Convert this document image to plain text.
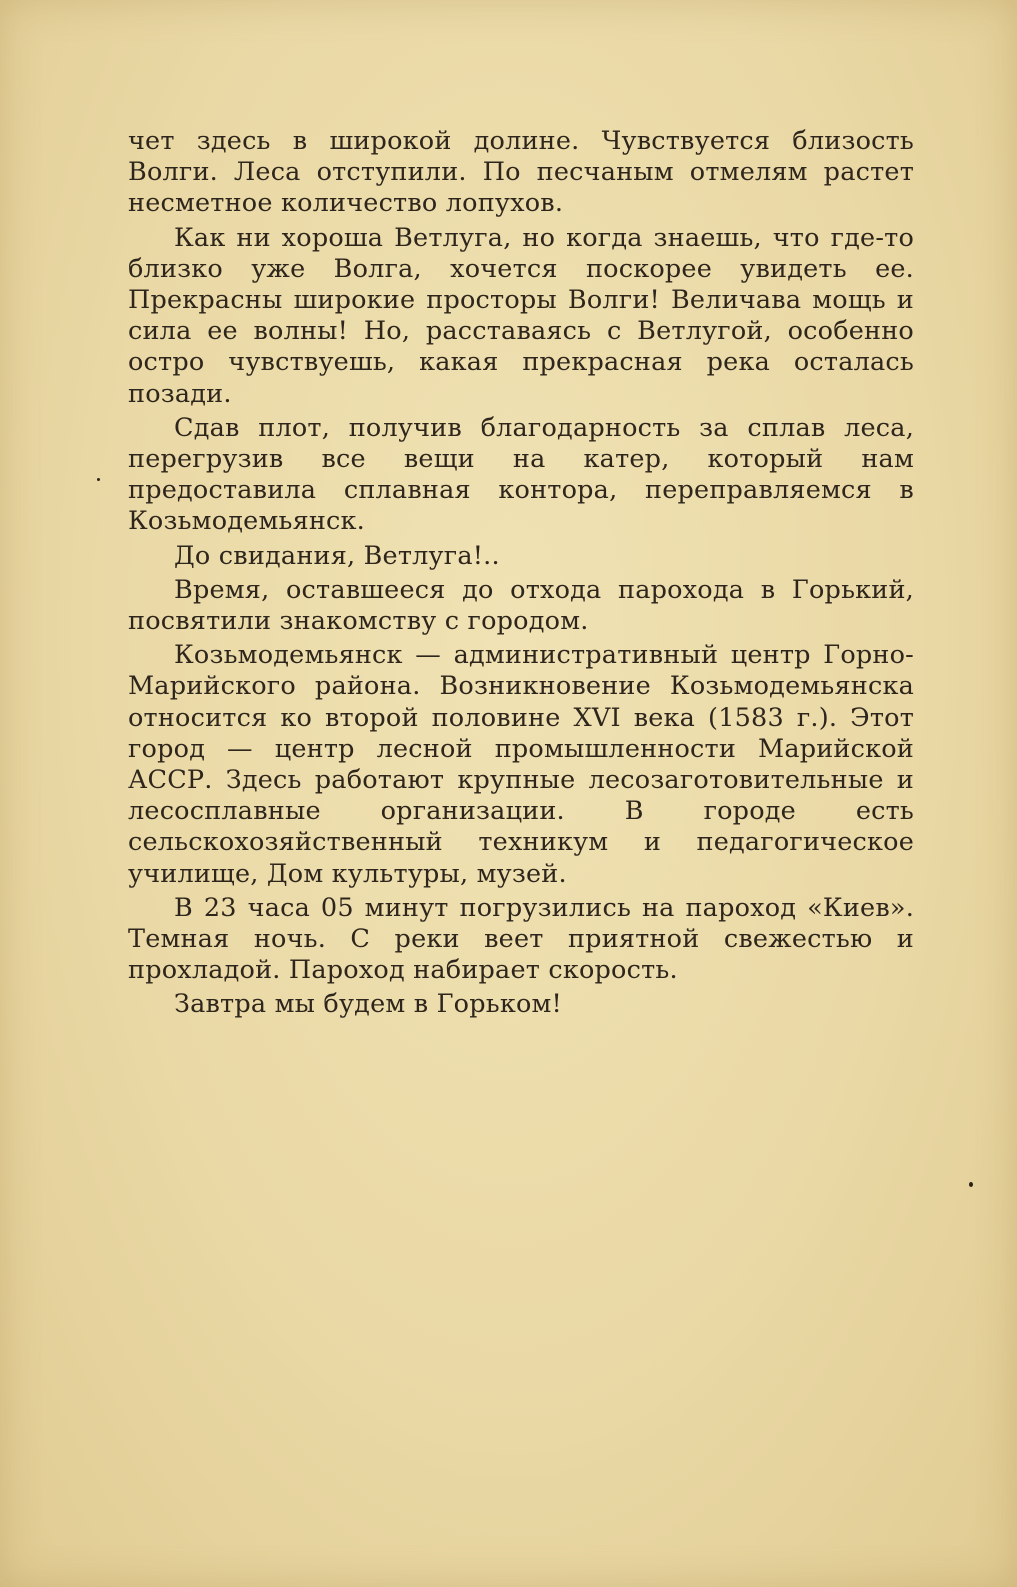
чет здесь в широкой долине. Чувствуется близость Волги. Леса отступили. По песчаным отмелям растет несметное количество лопухов.

Как ни хороша Ветлуга, но когда знаешь, что где-то близко уже Волга, хочется поскорее увидеть ее. Прекрасны широкие просторы Волги! Величава мощь и сила ее волны! Но, расставаясь с Ветлугой, особенно остро чувствуешь, какая прекрасная река осталась позади.

Сдав плот, получив благодарность за сплав леса, перегрузив все вещи на катер, который нам предоставила сплавная контора, переправляемся в Козьмодемьянск.

До свидания, Ветлуга!..

Время, оставшееся до отхода парохода в Горький, посвятили знакомству с городом.

Козьмодемьянск — административный центр Горно-Марийского района. Возникновение Козьмодемьянска относится ко второй половине XVI века (1583 г.). Этот город — центр лесной промышленности Марийской АССР. Здесь работают крупные лесозаготовительные и лесосплавные организации. В городе есть сельскохозяйственный техникум и педагогическое училище, Дом культуры, музей.

В 23 часа 05 минут погрузились на пароход «Киев». Темная ночь. С реки веет приятной свежестью и прохладой. Пароход набирает скорость.

Завтра мы будем в Горьком!
